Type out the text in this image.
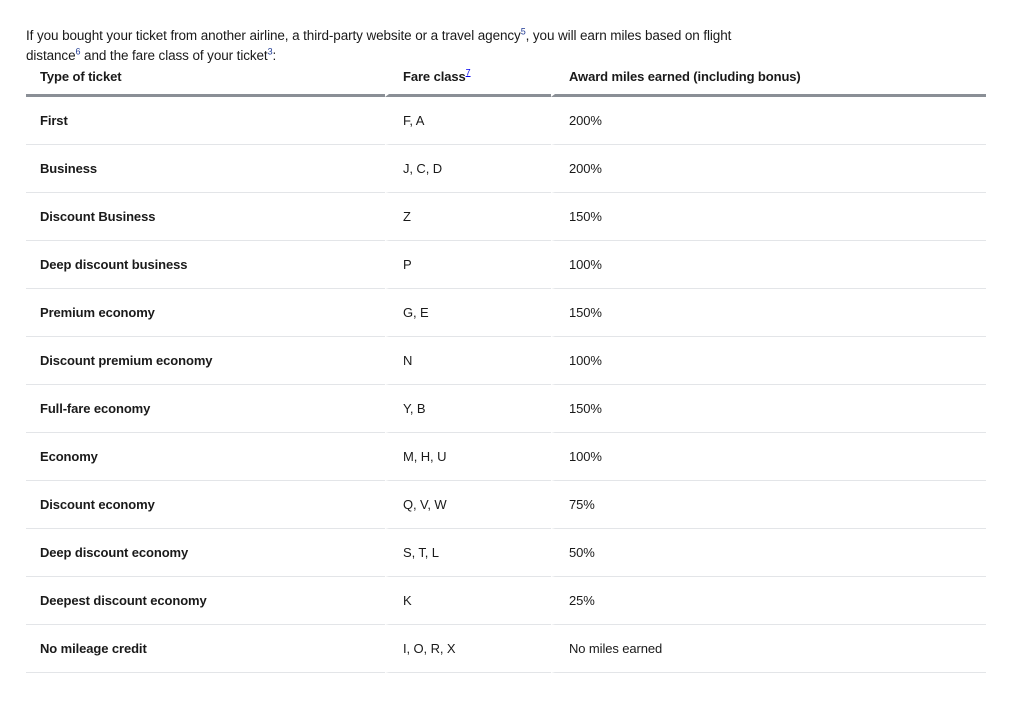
If you bought your ticket from another airline, a third-party website or a travel agency$^5$, you will earn miles based on flight distance$^6$ and the fare class of your ticket$^3$:

Type of ticket	Fare class$^7$	Award miles earned (including bonus)
First	F, A	200%
Business	J, C, D	200%
Discount Business	Z	150%
Deep discount business	P	100%
Premium economy	G, E	150%
Discount premium economy	N	100%
Full-fare economy	Y, B	150%
Economy	M, H, U	100%
Discount economy	Q, V, W	75%
Deep discount economy	S, T, L	50%
Deepest discount economy	K	25%
No mileage credit	I, O, R, X	No miles earned
